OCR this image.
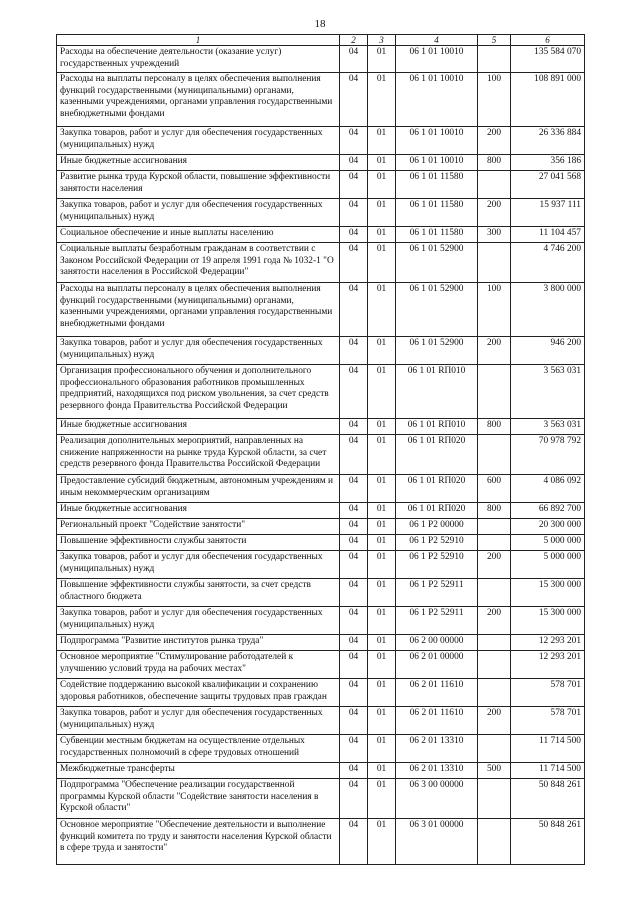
18
1	2	3	4	5	6
Расходы на обеспечение деятельности (оказание услуг) государственных учреждений	04	01	06 1 01 10010		135 584 070
Расходы на выплаты персоналу в целях обеспечения выполнения функций государственными (муниципальными) органами, казенными учреждениями, органами управления государственными внебюджетными фондами	04	01	06 1 01 10010	100	108 891 000
Закупка товаров, работ и услуг для обеспечения государственных (муниципальных) нужд	04	01	06 1 01 10010	200	26 336 884
Иные бюджетные ассигнования	04	01	06 1 01 10010	800	356 186
Развитие рынка труда Курской области, повышение эффективности занятости населения	04	01	06 1 01 11580		27 041 568
Закупка товаров, работ и услуг для обеспечения государственных (муниципальных) нужд	04	01	06 1 01 11580	200	15 937 111
Социальное обеспечение и иные выплаты населению	04	01	06 1 01 11580	300	11 104 457
Социальные выплаты безработным гражданам в соответствии с Законом Российской Федерации от 19 апреля 1991 года № 1032-1 "О занятости населения в Российской Федерации"	04	01	06 1 01 52900		4 746 200
Расходы на выплаты персоналу в целях обеспечения выполнения функций государственными (муниципальными) органами, казенными учреждениями, органами управления государственными внебюджетными фондами	04	01	06 1 01 52900	100	3 800 000
Закупка товаров, работ и услуг для обеспечения государственных (муниципальных) нужд	04	01	06 1 01 52900	200	946 200
Организация профессионального обучения и дополнительного профессионального образования работников промышленных предприятий, находящихся под риском увольнения, за счет средств резервного фонда Правительства Российской Федерации	04	01	06 1 01 RП010		3 563 031
Иные бюджетные ассигнования	04	01	06 1 01 RП010	800	3 563 031
Реализация дополнительных мероприятий, направленных на снижение напряженности на рынке труда Курской области, за счет средств резервного фонда Правительства Российской Федерации	04	01	06 1 01 RП020		70 978 792
Предоставление субсидий бюджетным, автономным учреждениям и иным некоммерческим организациям	04	01	06 1 01 RП020	600	4 086 092
Иные бюджетные ассигнования	04	01	06 1 01 RП020	800	66 892 700
Региональный проект "Содействие занятости"	04	01	06 1 P2 00000		20 300 000
Повышение эффективности службы занятости	04	01	06 1 P2 52910		5 000 000
Закупка товаров, работ и услуг для обеспечения государственных (муниципальных) нужд	04	01	06 1 P2 52910	200	5 000 000
Повышение эффективности службы занятости, за счет средств областного бюджета	04	01	06 1 P2 52911		15 300 000
Закупка товаров, работ и услуг для обеспечения государственных (муниципальных) нужд	04	01	06 1 P2 52911	200	15 300 000
Подпрограмма "Развитие институтов рынка труда"	04	01	06 2 00 00000		12 293 201
Основное мероприятие "Стимулирование работодателей к улучшению условий труда на рабочих местах"	04	01	06 2 01 00000		12 293 201
Содействие поддержанию высокой квалификации и сохранению здоровья работников, обеспечение защиты трудовых прав граждан	04	01	06 2 01 11610		578 701
Закупка товаров, работ и услуг для обеспечения государственных (муниципальных) нужд	04	01	06 2 01 11610	200	578 701
Субвенции местным бюджетам на осуществление отдельных государственных полномочий в сфере трудовых отношений	04	01	06 2 01 13310		11 714 500
Межбюджетные трансферты	04	01	06 2 01 13310	500	11 714 500
Подпрограмма "Обеспечение реализации государственной программы Курской области "Содействие занятости населения в Курской области"	04	01	06 3 00 00000		50 848 261
Основное мероприятие "Обеспечение деятельности и выполнение функций комитета по труду и занятости населения Курской области в сфере труда и занятости"	04	01	06 3 01 00000		50 848 261
